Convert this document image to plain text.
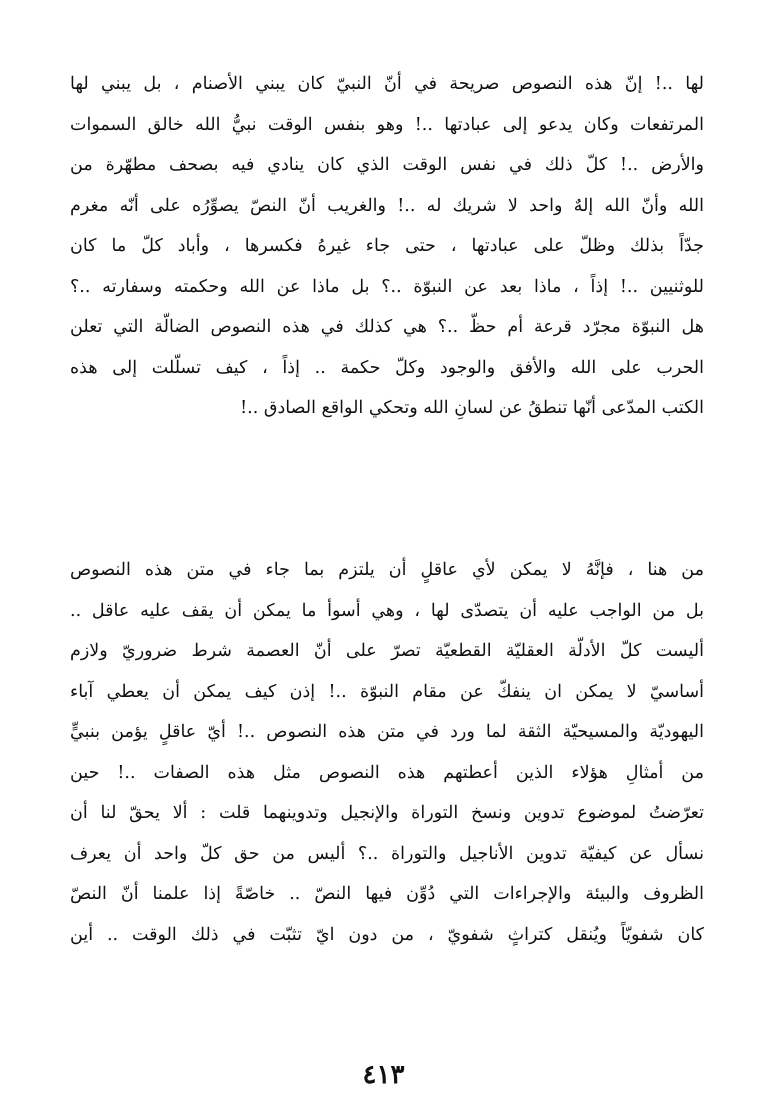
لها ..! إنّ هذه النصوص صريحة في أنّ النبيّ كان يبني الأصنام ، بل يبني لها
المرتفعات وكان يدعو إلى عبادتها ..! وهو بنفس الوقت نبيُّ الله خالق السموات
والأرض ..! كلّ ذلك في نفس الوقت الذي كان ينادي فيه بصحف مطهّرة من
الله وأنّ الله إلهٌ واحد لا شريك له ..! والغريب أنّ النصّ يصوِّرُه على أنّه مغرم
جدّاً بذلك وظلّ على عبادتها ، حتى جاء غيرهُ فكسرها ، وأباد كلّ ما كان
للوثنيين ..! إذاً ، ماذا بعد عن النبوّة ..؟ بل ماذا عن الله وحكمته وسفارته ..؟
هل النبوّة مجرّد قرعة أم حظّ ..؟ هي كذلك في هذه النصوص الضالّة التي تعلن
الحرب على الله والأفق والوجود وكلّ حكمة .. إذاً ، كيف تسلّلت إلى هذه
الكتب المدّعى أنّها تنطقُ عن لسانِ الله وتحكي الواقع الصادق ..!
من هنا ، فإنَّهُ لا يمكن لأي عاقلٍ أن يلتزم بما جاء في متن هذه النصوص
بل من الواجب عليه أن يتصدّى لها ، وهي أسوأ ما يمكن أن يقف عليه عاقل ..
أليست كلّ الأدلّة العقليّة القطعيّة تصرّ على أنّ العصمة شرط ضروريّ ولازم
أساسيّ لا يمكن ان ينفكّ عن مقام النبوّة ..! إذن كيف يمكن أن يعطي آباء
اليهوديّة والمسيحيّة الثقة لما ورد في متن هذه النصوص ..! أيّ عاقلٍ يؤمن بنبيٍّ
من أمثالِ هؤلاء الذين أعطتهم هذه النصوص مثل هذه الصفات ..! حين
تعرّضتُ لموضوع تدوين ونسخ التوراة والإنجيل وتدوينهما قلت : ألا يحقّ لنا أن
نسأل عن كيفيّة تدوين الأناجيل والتوراة ..؟ أليس من حق كلّ واحد أن يعرف
الظروف والبيئة والإجراءات التي دُوِّن فيها النصّ .. خاصّةً إذا علمنا أنّ النصّ
كان شفويّاً ويُنقل كتراثٍ شفويّ ، من دون ايّ تثبّت في ذلك الوقت .. أين
٤١٣
